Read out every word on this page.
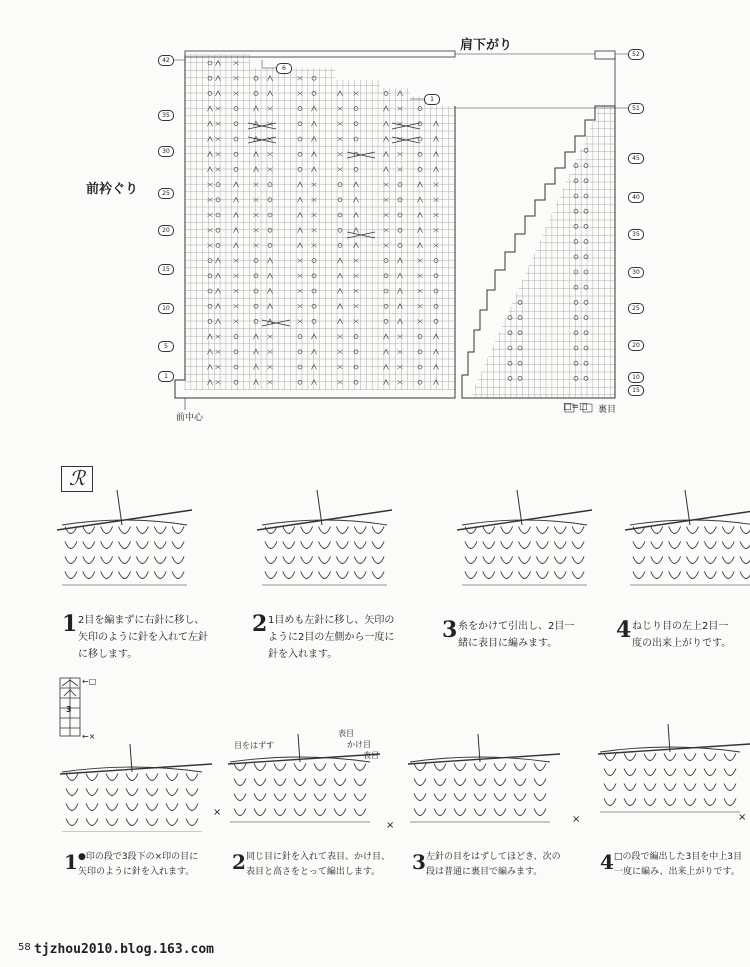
肩下がり
前衿ぐり
前中心
□=□ 裏目
42
35
30
25
20
15
10
5
1
52
51
45
40
35
30
25
20
15
10
6
1
ℛ
1 2目を編まずに右針に移し、
矢印のように針を入れて左針
に移します。
2 1目めも左針に移し、矢印の
ように2目の左側から一度に
針を入れます。
3 糸をかけて引出し、2目一
緒に表目に編みます。
4 ねじり目の左上2目一
度の出来上がりです。
←□
←×
3
目をはずす
表目
かけ目
表目
×
×
×	×
1 ●印の段で3段下の×印の目に
矢印のように針を入れます。 2 同じ目に針を入れて表目、かけ目、
表目と高さをとって編出します。	3 左針の目をはずしてほどき、次の
段は普通に裏目で編みます。	4 □の段で編出した3目を中上3目
一度に編み、出来上がりです。
58 tjzhou2010.blog.163.com
